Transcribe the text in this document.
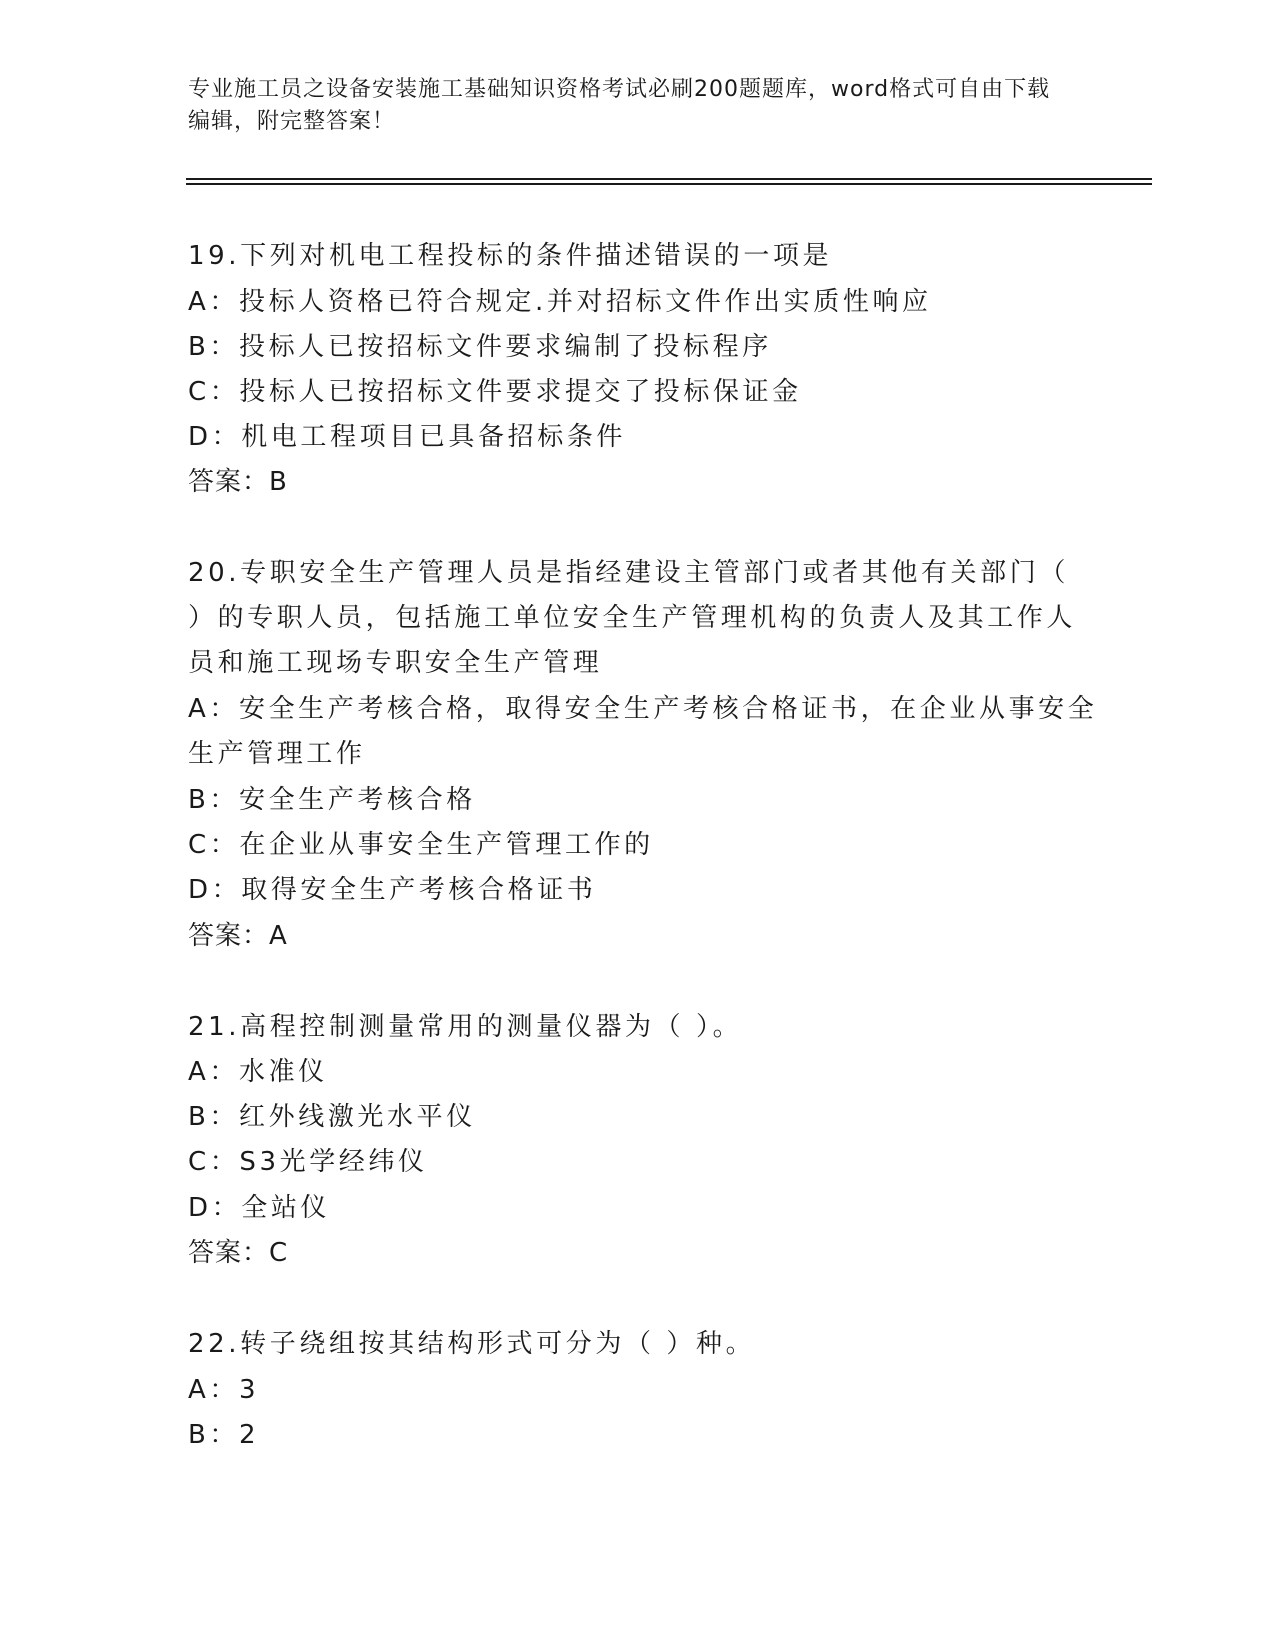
专业施工员之设备安装施工基础知识资格考试必刷200题题库，word格式可自由下载编辑，附完整答案！
19.下列对机电工程投标的条件描述错误的一项是
A：投标人资格已符合规定.并对招标文件作出实质性响应
B：投标人已按招标文件要求编制了投标程序
C：投标人已按招标文件要求提交了投标保证金
D：机电工程项目已具备招标条件
答案：B
20.专职安全生产管理人员是指经建设主管部门或者其他有关部门（
）的专职人员，包括施工单位安全生产管理机构的负责人及其工作人
员和施工现场专职安全生产管理
A：安全生产考核合格，取得安全生产考核合格证书，在企业从事安全
生产管理工作
B：安全生产考核合格
C：在企业从事安全生产管理工作的
D：取得安全生产考核合格证书
答案：A
21.高程控制测量常用的测量仪器为（ ）。
A：水准仪
B：红外线激光水平仪
C：S3光学经纬仪
D：全站仪
答案：C
22.转子绕组按其结构形式可分为（ ）种。
A：3
B：2
